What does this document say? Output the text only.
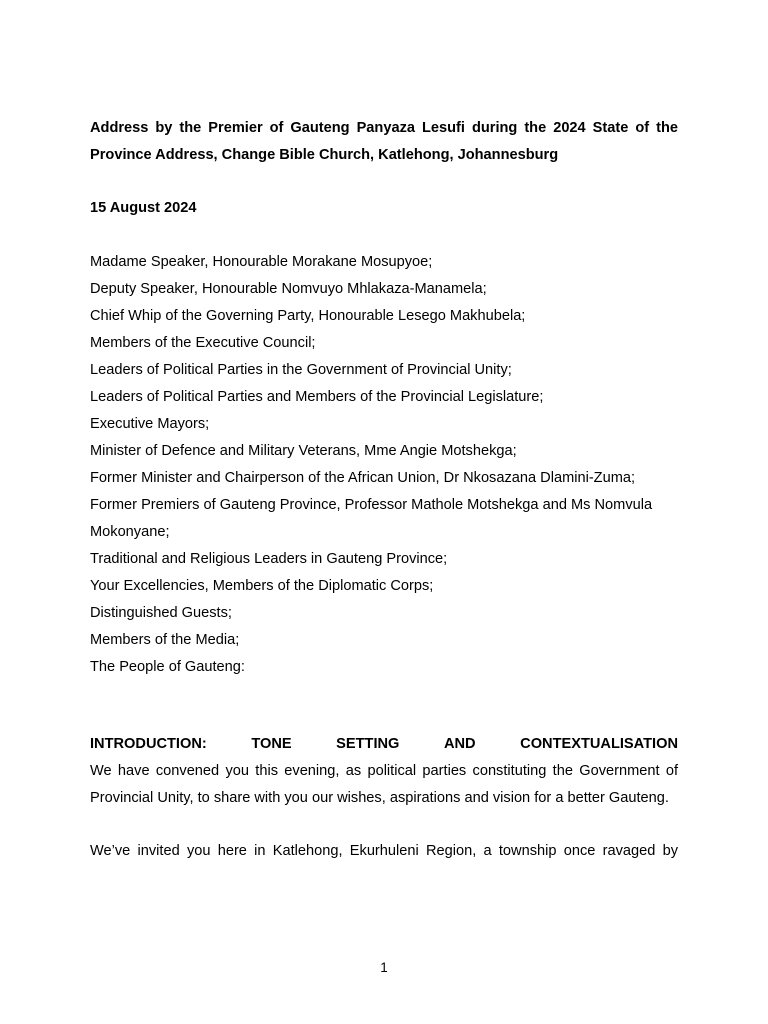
Address by the Premier of Gauteng Panyaza Lesufi during the 2024 State of the Province Address, Change Bible Church, Katlehong, Johannesburg
15 August 2024
Madame Speaker, Honourable Morakane Mosupyoe;
Deputy Speaker, Honourable Nomvuyo Mhlakaza-Manamela;
Chief Whip of the Governing Party, Honourable Lesego Makhubela;
Members of the Executive Council;
Leaders of Political Parties in the Government of Provincial Unity;
Leaders of Political Parties and Members of the Provincial Legislature;
Executive Mayors;
Minister of Defence and Military Veterans, Mme Angie Motshekga;
Former Minister and Chairperson of the African Union, Dr Nkosazana Dlamini-Zuma;
Former Premiers of Gauteng Province, Professor Mathole Motshekga and Ms Nomvula Mokonyane;
Traditional and Religious Leaders in Gauteng Province;
Your Excellencies, Members of the Diplomatic Corps;
Distinguished Guests;
Members of the Media;
The People of Gauteng:
INTRODUCTION:	TONE	SETTING	AND	CONTEXTUALISATION
We have convened you this evening, as political parties constituting the Government of Provincial Unity, to share with you our wishes, aspirations and vision for a better Gauteng.
We’ve invited you here in Katlehong, Ekurhuleni Region, a township once ravaged by
1
